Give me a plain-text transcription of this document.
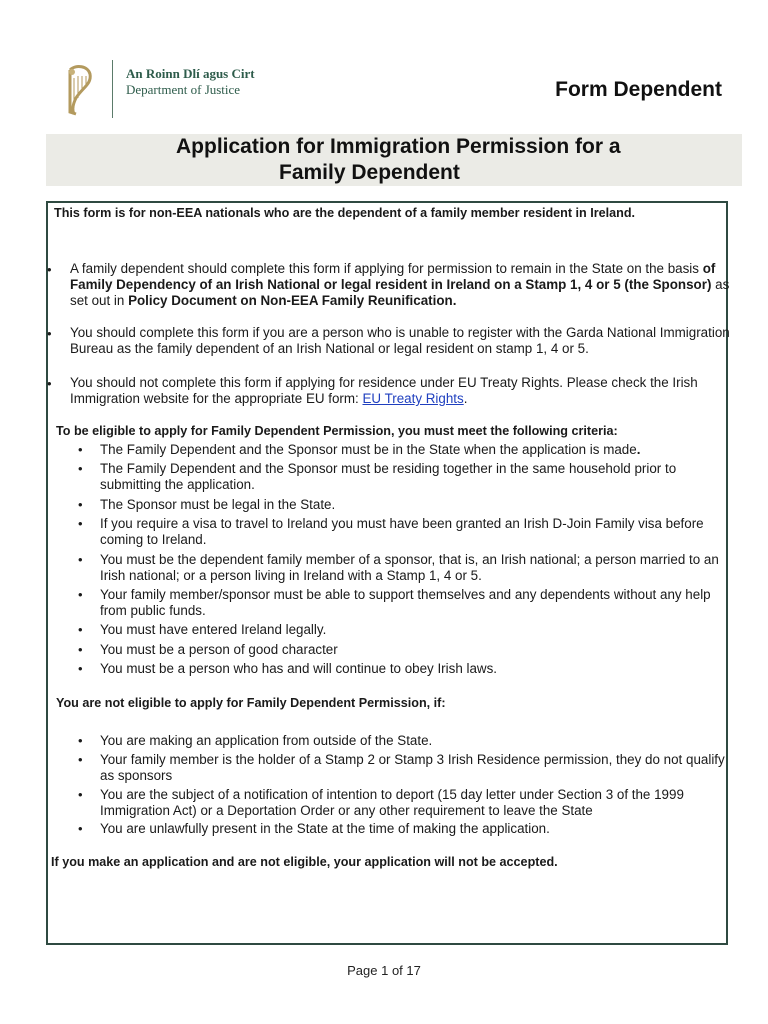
An Roinn Dlí agus Cirt
Department of Justice	Form Dependent
Application for Immigration Permission for a
Family Dependent
This form is for non-EEA nationals who are the dependent of a family member resident in Ireland.
• A family dependent should complete this form if applying for permission to remain in the State on the basis of Family Dependency of an Irish National or legal resident in Ireland on a Stamp 1, 4 or 5 (the Sponsor) as set out in Policy Document on Non-EEA Family Reunification.
• You should complete this form if you are a person who is unable to register with the Garda National Immigration Bureau as the family dependent of an Irish National or legal resident on stamp 1, 4 or 5.
• You should not complete this form if applying for residence under EU Treaty Rights. Please check the Irish Immigration website for the appropriate EU form: EU Treaty Rights.
To be eligible to apply for Family Dependent Permission, you must meet the following criteria:
• The Family Dependent and the Sponsor must be in the State when the application is made.
• The Family Dependent and the Sponsor must be residing together in the same household prior to submitting the application.
• The Sponsor must be legal in the State.
• If you require a visa to travel to Ireland you must have been granted an Irish D-Join Family visa before coming to Ireland.
• You must be the dependent family member of a sponsor, that is, an Irish national; a person married to an Irish national; or a person living in Ireland with a Stamp 1, 4 or 5.
• Your family member/sponsor must be able to support themselves and any dependents without any help from public funds.
• You must have entered Ireland legally.
• You must be a person of good character
• You must be a person who has and will continue to obey Irish laws.
You are not eligible to apply for Family Dependent Permission, if:
• You are making an application from outside of the State.
• Your family member is the holder of a Stamp 2 or Stamp 3 Irish Residence permission, they do not qualify as sponsors
• You are the subject of a notification of intention to deport (15 day letter under Section 3 of the 1999 Immigration Act) or a Deportation Order or any other requirement to leave the State
• You are unlawfully present in the State at the time of making the application.
If you make an application and are not eligible, your application will not be accepted.
Page 1 of 17
